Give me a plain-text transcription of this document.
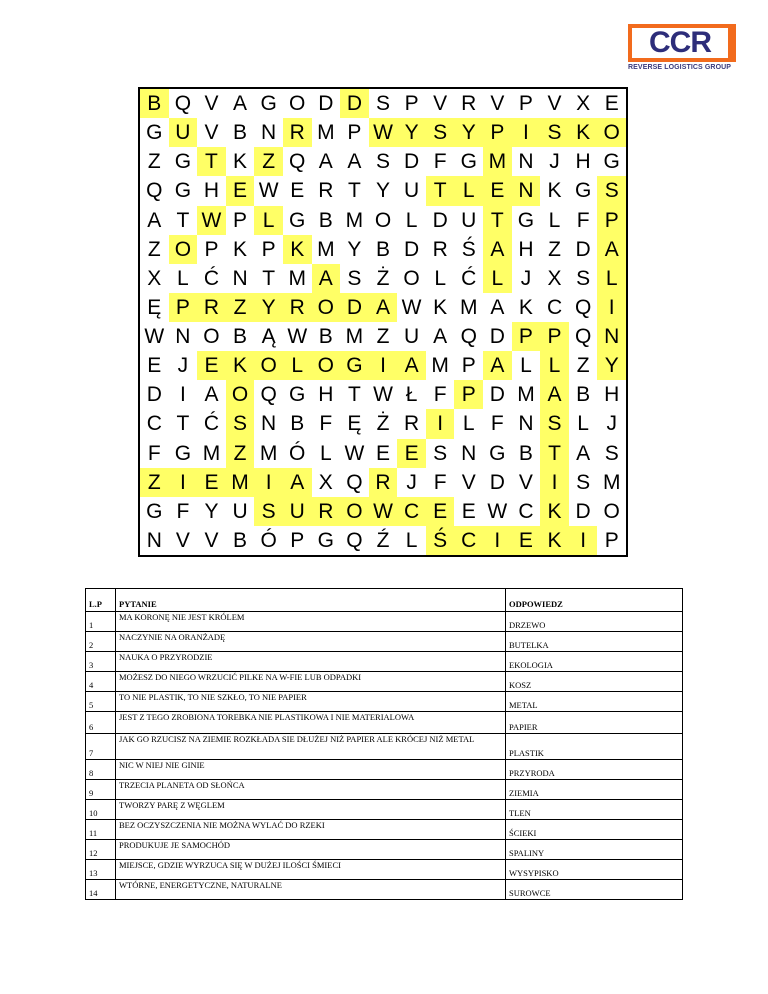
CCR
REVERSE LOGISTICS GROUP
B Q V A G O D D S P V R V P V X E
G U V B N R M P W Y S Y P I S K O
Z G T K Z Q A A S D F G M N J H G
Q G H E W E R T Y U T L E N K G S
A T W P L G B M O L D U T G L F P
Z O P K P K M Y B D R Ś A H Z D A
X L Ć N T M A S Ż O L Ć L J X S L
Ę P R Z Y R O D A W K M A K C Q I
W N O B Ą W B M Z U A Q D P P Q N
E J E K O L O G I A M P A L L Z Y
D I A O Q G H T W Ł F P D M A B H
C T Ć S N B F Ę Ż R I L F N S L J
F G M Z M Ó L W E E S N G B T A S
Z I E M I A X Q R J F V D V I S M
G F Y U S U R O W C E E W C K D O
N V V B Ó P G Q Ź L Ś C I E K I P
L.P	PYTANIE	ODPOWIEDZ
1	MA KORONĘ NIE JEST KRÓLEM	DRZEWO
2	NACZYNIE NA ORANŻADĘ	BUTELKA
3	NAUKA O PRZYRODZIE	EKOLOGIA
4	MOŻESZ DO NIEGO WRZUCIĆ PILKE NA W-FIE LUB ODPADKI	KOSZ
5	TO NIE PLASTIK, TO NIE SZKŁO, TO NIE PAPIER	METAL
6	JEST Z TEGO ZROBIONA TOREBKA NIE PLASTIKOWA I NIE MATERIALOWA	PAPIER
7	JAK GO RZUCISZ NA ZIEMIE ROZKŁADA SIE DŁUŻEJ NIŻ PAPIER ALE KRÓCEJ NIŻ METAL	PLASTIK
8	NIC W NIEJ NIE GINIE	PRZYRODA
9	TRZECIA PLANETA OD SŁOŃCA	ZIEMIA
10	TWORZY PARĘ Z WĘGLEM	TLEN
11	BEZ OCZYSZCZENIA NIE MOŻNA WYLAĆ DO RZEKI	ŚCIEKI
12	PRODUKUJE JE SAMOCHÓD	SPALINY
13	MIEJSCE, GDZIE WYRZUCA SIĘ W DUŻEJ ILOŚCI ŚMIECI	WYSYPISKO
14	WTÓRNE, ENERGETYCZNE, NATURALNE	SUROWCE
